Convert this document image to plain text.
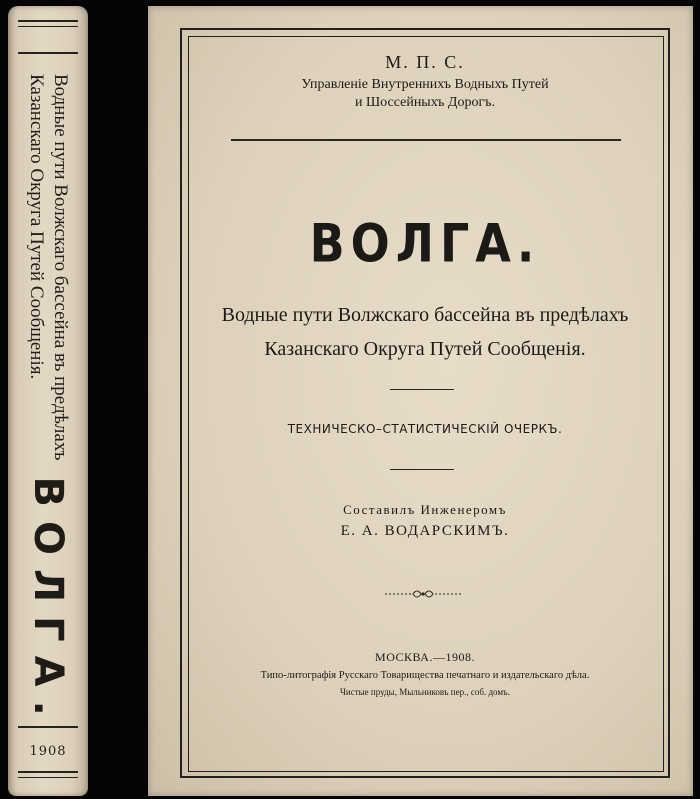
Водные пути Волжскаго бассейна въ предѣлахъ
Казанскаго Округа Путей Сообщенія.
ВОЛГА.
1908
М. П. С.
Управленіе Внутреннихъ Водныхъ Путей
и Шоссейныхъ Дорогъ.
ВОЛГА.
Водные пути Волжскаго бассейна въ предѣлахъ
Казанскаго Округа Путей Сообщенія.
ТЕХНИЧЕСКО–СТАТИСТИЧЕСКІЙ ОЧЕРКЪ.
Составилъ Инженеромъ
Е. А. ВОДАРСКИМЪ.
МОСКВА.—1908.
Типо-литографія Русскаго Товарищества печатнаго и издательскаго дѣла.
Чистые пруды, Мыльниковъ пер., соб. домъ.
